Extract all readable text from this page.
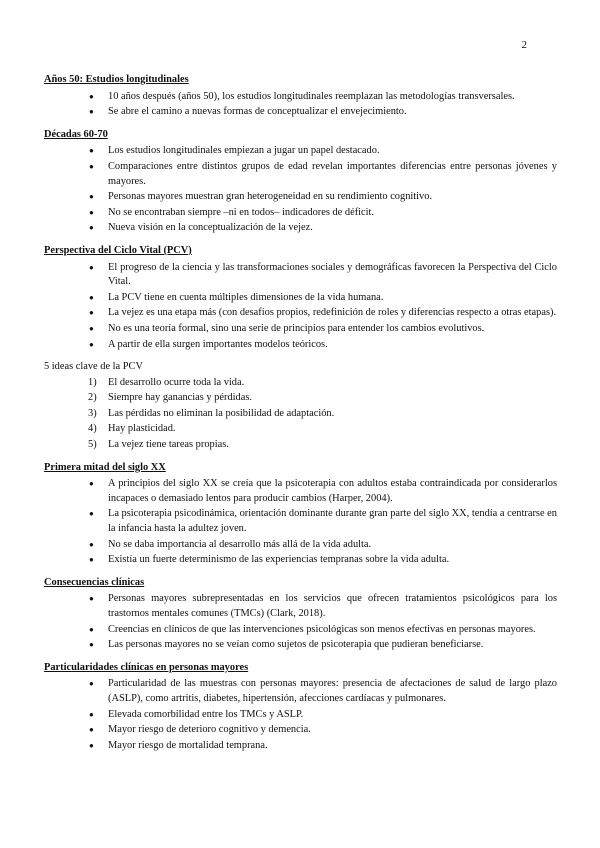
2
Años 50: Estudios longitudinales
● 10 años después (años 50), los estudios longitudinales reemplazan las metodologías transversales.
● Se abre el camino a nuevas formas de conceptualizar el envejecimiento.
Décadas 60-70
● Los estudios longitudinales empiezan a jugar un papel destacado.
● Comparaciones entre distintos grupos de edad revelan importantes diferencias entre personas jóvenes y mayores.
● Personas mayores muestran gran heterogeneidad en su rendimiento cognitivo.
● No se encontraban siempre –ni en todos– indicadores de déficit.
● Nueva visión en la conceptualización de la vejez.
Perspectiva del Ciclo Vital (PCV)
● El progreso de la ciencia y las transformaciones sociales y demográficas favorecen la Perspectiva del Ciclo Vital.
● La PCV tiene en cuenta múltiples dimensiones de la vida humana.
● La vejez es una etapa más (con desafíos propios, redefinición de roles y diferencias respecto a otras etapas).
● No es una teoría formal, sino una serie de principios para entender los cambios evolutivos.
● A partir de ella surgen importantes modelos teóricos.
5 ideas clave de la PCV
1) El desarrollo ocurre toda la vida.
2) Siempre hay ganancias y pérdidas.
3) Las pérdidas no eliminan la posibilidad de adaptación.
4) Hay plasticidad.
5) La vejez tiene tareas propias.
Primera mitad del siglo XX
● A principios del siglo XX se creía que la psicoterapia con adultos estaba contraindicada por considerarlos incapaces o demasiado lentos para producir cambios (Harper, 2004).
● La psicoterapia psicodinámica, orientación dominante durante gran parte del siglo XX, tendía a centrarse en la infancia hasta la adultez joven.
● No se daba importancia al desarrollo más allá de la vida adulta.
● Existía un fuerte determinismo de las experiencias tempranas sobre la vida adulta.
Consecuencias clínicas
● Personas mayores subrepresentadas en los servicios que ofrecen tratamientos psicológicos para los trastornos mentales comunes (TMCs) (Clark, 2018).
● Creencias en clínicos de que las intervenciones psicológicas son menos efectivas en personas mayores.
● Las personas mayores no se veían como sujetos de psicoterapia que pudieran beneficiarse.
Particularidades clínicas en personas mayores
● Particularidad de las muestras con personas mayores: presencia de afectaciones de salud de largo plazo (ASLP), como artritis, diabetes, hipertensión, afecciones cardíacas y pulmonares.
● Elevada comorbilidad entre los TMCs y ASLP.
● Mayor riesgo de deterioro cognitivo y demencia.
● Mayor riesgo de mortalidad temprana.
